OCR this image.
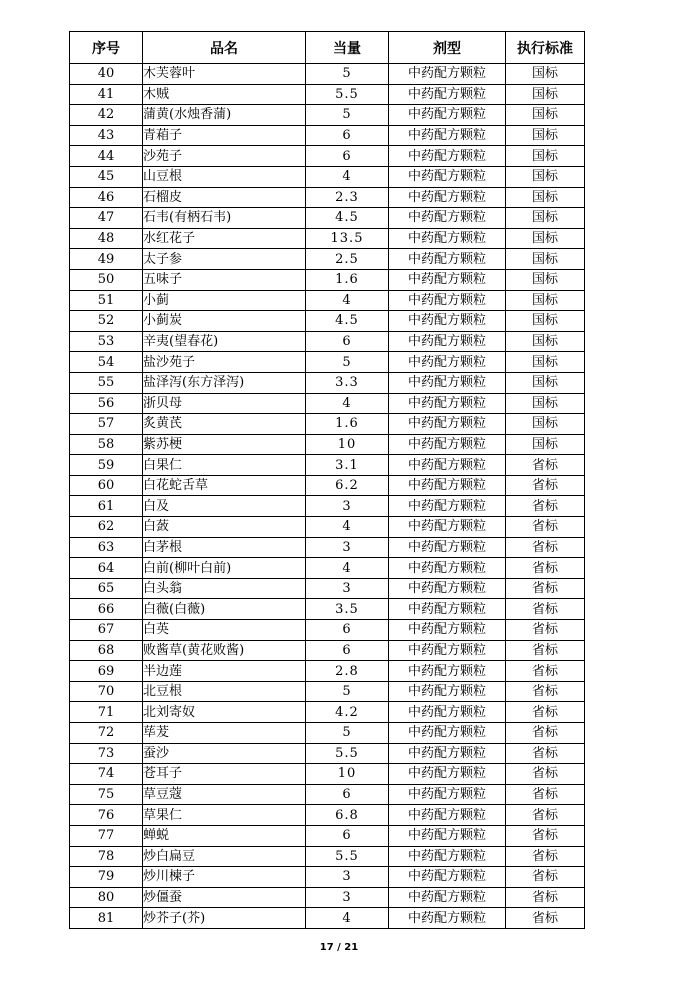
序号	品名	当量	剂型	执行标准
40	木芙蓉叶	5	中药配方颗粒	国标
41	木贼	5.5	中药配方颗粒	国标
42	蒲黄(水烛香蒲)	5	中药配方颗粒	国标
43	青葙子	6	中药配方颗粒	国标
44	沙苑子	6	中药配方颗粒	国标
45	山豆根	4	中药配方颗粒	国标
46	石榴皮	2.3	中药配方颗粒	国标
47	石韦(有柄石韦)	4.5	中药配方颗粒	国标
48	水红花子	13.5	中药配方颗粒	国标
49	太子参	2.5	中药配方颗粒	国标
50	五味子	1.6	中药配方颗粒	国标
51	小蓟	4	中药配方颗粒	国标
52	小蓟炭	4.5	中药配方颗粒	国标
53	辛夷(望春花)	6	中药配方颗粒	国标
54	盐沙苑子	5	中药配方颗粒	国标
55	盐泽泻(东方泽泻)	3.3	中药配方颗粒	国标
56	浙贝母	4	中药配方颗粒	国标
57	炙黄芪	1.6	中药配方颗粒	国标
58	紫苏梗	10	中药配方颗粒	国标
59	白果仁	3.1	中药配方颗粒	省标
60	白花蛇舌草	6.2	中药配方颗粒	省标
61	白及	3	中药配方颗粒	省标
62	白蔹	4	中药配方颗粒	省标
63	白茅根	3	中药配方颗粒	省标
64	白前(柳叶白前)	4	中药配方颗粒	省标
65	白头翁	3	中药配方颗粒	省标
66	白薇(白薇)	3.5	中药配方颗粒	省标
67	白英	6	中药配方颗粒	省标
68	败酱草(黄花败酱)	6	中药配方颗粒	省标
69	半边莲	2.8	中药配方颗粒	省标
70	北豆根	5	中药配方颗粒	省标
71	北刘寄奴	4.2	中药配方颗粒	省标
72	荜茇	5	中药配方颗粒	省标
73	蚕沙	5.5	中药配方颗粒	省标
74	苍耳子	10	中药配方颗粒	省标
75	草豆蔻	6	中药配方颗粒	省标
76	草果仁	6.8	中药配方颗粒	省标
77	蝉蜕	6	中药配方颗粒	省标
78	炒白扁豆	5.5	中药配方颗粒	省标
79	炒川楝子	3	中药配方颗粒	省标
80	炒僵蚕	3	中药配方颗粒	省标
81	炒芥子(芥)	4	中药配方颗粒	省标
17 / 21
